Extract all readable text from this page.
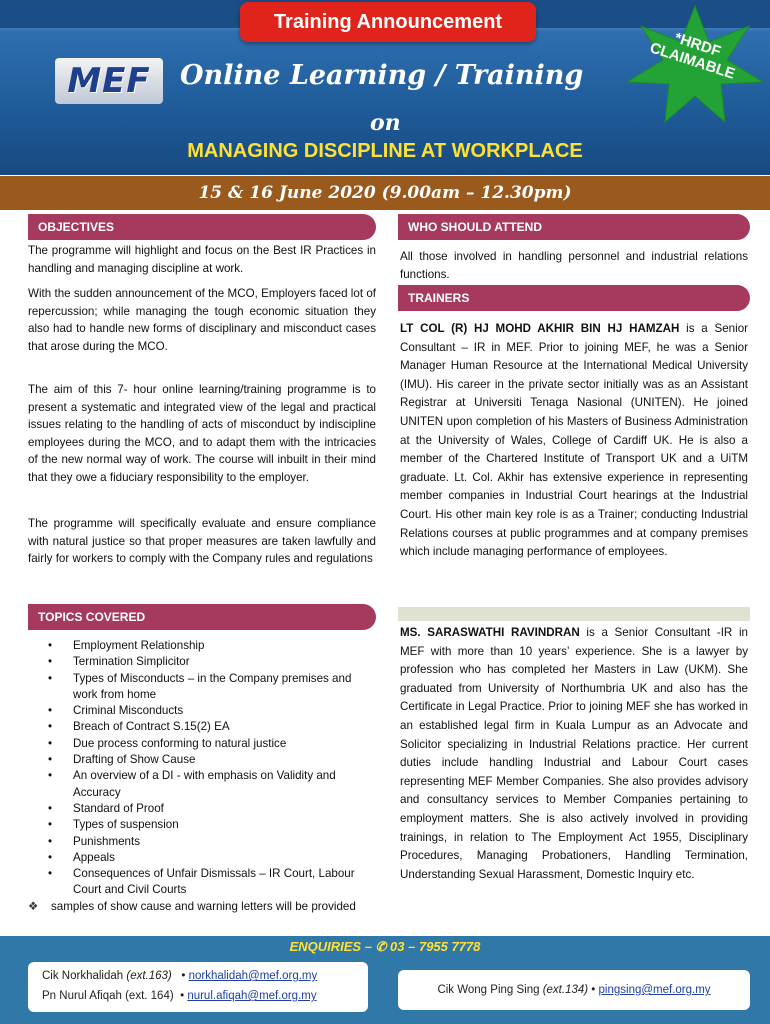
Training Announcement
MEF Online Learning / Training
on
MANAGING DISCIPLINE AT WORKPLACE
*HRDF CLAIMABLE
15 & 16 June 2020 (9.00am – 12.30pm)
OBJECTIVES
The programme will highlight and focus on the Best IR Practices in handling and managing discipline at work.
With the sudden announcement of the MCO, Employers faced lot of repercussion; while managing the tough economic situation they also had to handle new forms of disciplinary and misconduct cases that arose during the MCO.
The aim of this 7- hour online learning/training programme is to present a systematic and integrated view of the legal and practical issues relating to the handling of acts of misconduct by indiscipline employees during the MCO, and to adapt them with the intricacies of the new normal way of work. The course will inbuilt in their mind that they owe a fiduciary responsibility to the employer.
The programme will specifically evaluate and ensure compliance with natural justice so that proper measures are taken lawfully and fairly for workers to comply with the Company rules and regulations
TOPICS COVERED
• Employment Relationship
• Termination Simplicitor
• Types of Misconducts – in the Company premises and work from home
• Criminal Misconducts
• Breach of Contract S.15(2) EA
• Due process conforming to natural justice
• Drafting of Show Cause
• An overview of a DI - with emphasis on Validity and Accuracy
• Standard of Proof
• Types of suspension
• Punishments
• Appeals
• Consequences of Unfair Dismissals – IR Court, Labour Court and Civil Courts
❖ samples of show cause and warning letters will be provided
WHO SHOULD ATTEND
All those involved in handling personnel and industrial relations functions.
TRAINERS
LT COL (R) HJ MOHD AKHIR BIN HJ HAMZAH is a Senior Consultant – IR in MEF. Prior to joining MEF, he was a Senior Manager Human Resource at the International Medical University (IMU). His career in the private sector initially was as an Assistant Registrar at Universiti Tenaga Nasional (UNITEN). He joined UNITEN upon completion of his Masters of Business Administration at the University of Wales, College of Cardiff UK. He is also a member of the Chartered Institute of Transport UK and a UiTM graduate. Lt. Col. Akhir has extensive experience in representing member companies in Industrial Court hearings at the Industrial Court. His other main key role is as a Trainer; conducting Industrial Relations courses at public programmes and at company premises which include managing performance of employees.
MS. SARASWATHI RAVINDRAN is a Senior Consultant -IR in MEF with more than 10 years’ experience. She is a lawyer by profession who has completed her Masters in Law (UKM). She graduated from University of Northumbria UK and also has the Certificate in Legal Practice. Prior to joining MEF she has worked in an established legal firm in Kuala Lumpur as an Advocate and Solicitor specializing in Industrial Relations practice. Her current duties include handling Industrial and Labour Court cases representing MEF Member Companies. She also provides advisory and consultancy services to Member Companies pertaining to employment matters. She is also actively involved in providing trainings, in relation to The Employment Act 1955, Disciplinary Procedures, Managing Probationers, Handling Termination, Understanding Sexual Harassment, Domestic Inquiry etc.
ENQUIRIES – ✆ 03 – 7955 7778
Cik Norkhalidah (ext.163) • norkhalidah@mef.org.my
Pn Nurul Afiqah (ext. 164) • nurul.afiqah@mef.org.my	Cik Wong Ping Sing (ext.134) • pingsing@mef.org.my
